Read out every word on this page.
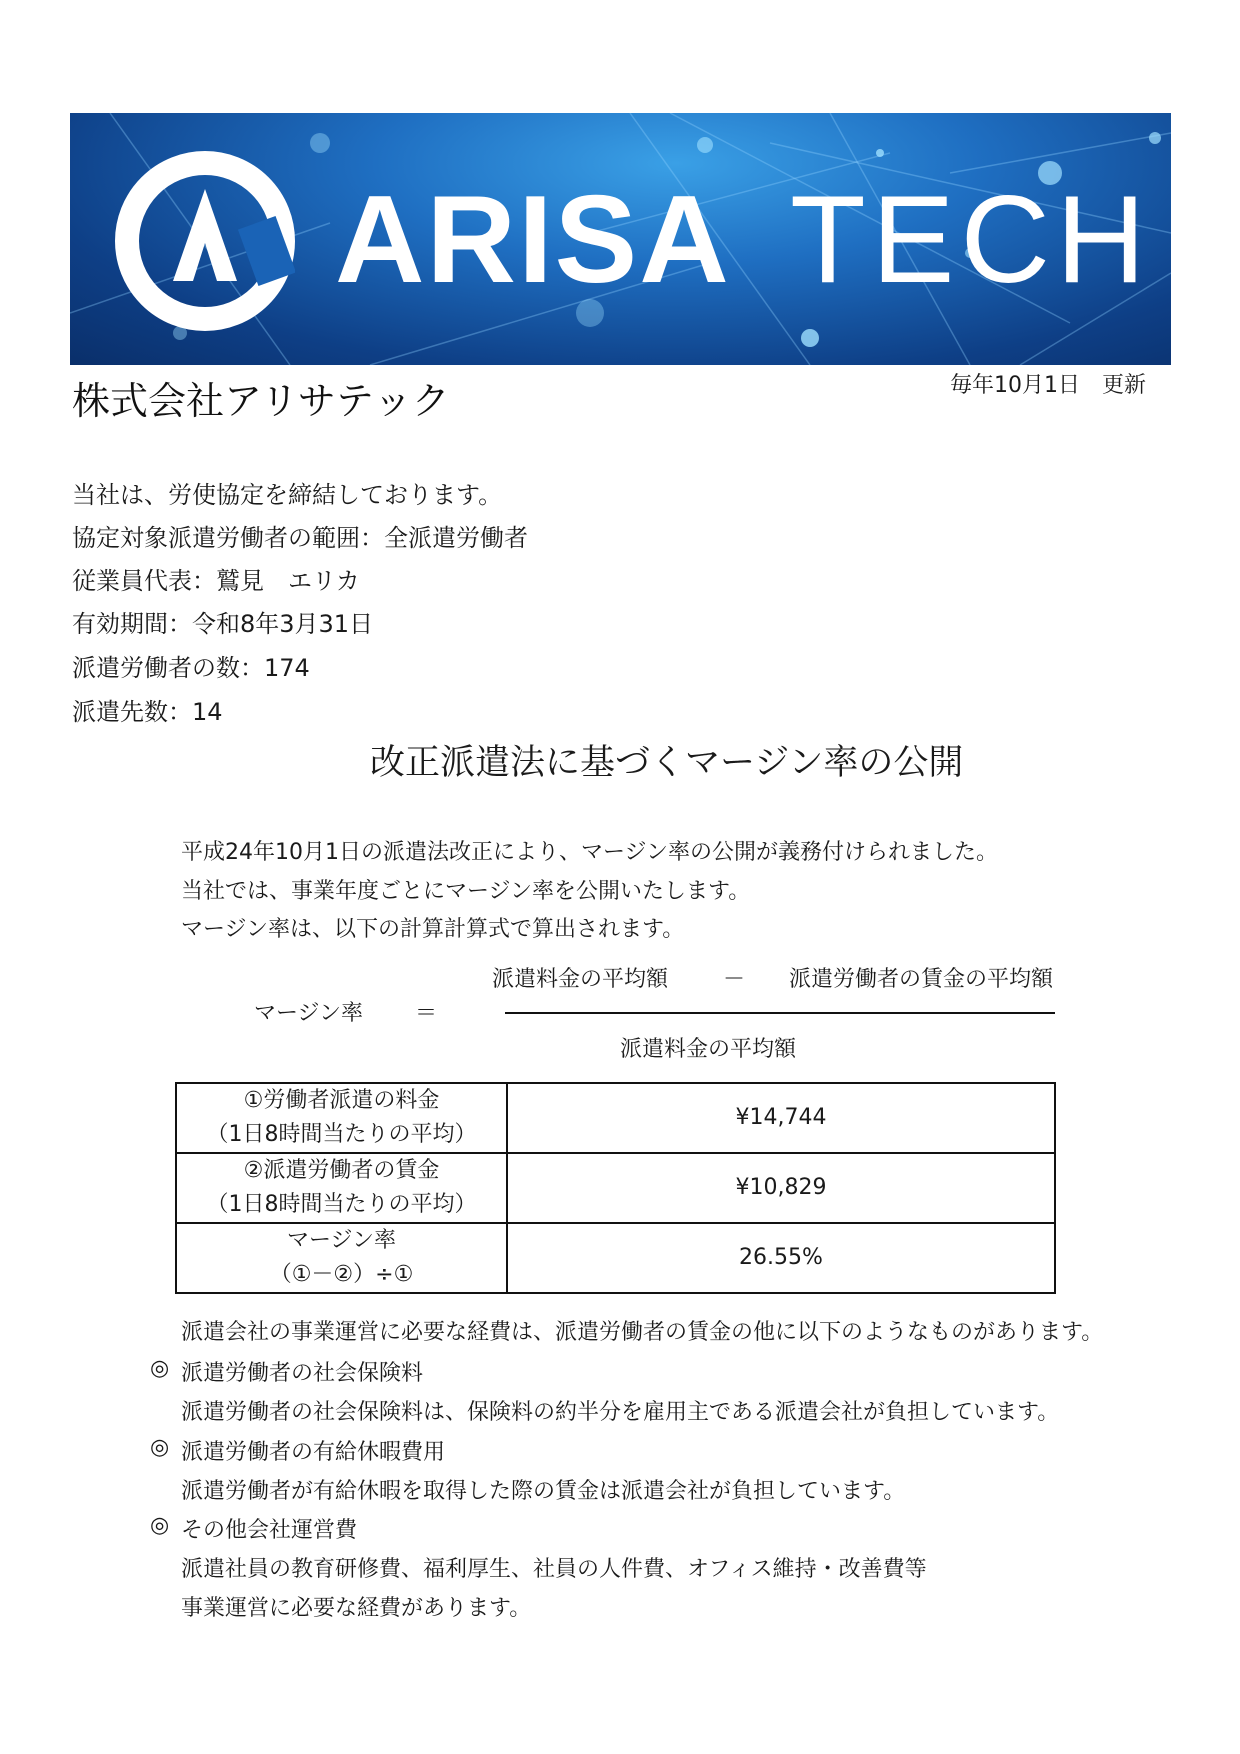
ARISA TECH
株式会社アリサテック	毎年10月1日　更新
当社は、労使協定を締結しております。
協定対象派遣労働者の範囲：全派遣労働者
従業員代表：鷲見　エリカ
有効期間：令和8年3月31日
派遣労働者の数：174
派遣先数：14
改正派遣法に基づくマージン率の公開
平成24年10月1日の派遣法改正により、マージン率の公開が義務付けられました。
当社では、事業年度ごとにマージン率を公開いたします。
マージン率は、以下の計算計算式で算出されます。
マージン率 ＝
派遣料金の平均額 － 派遣労働者の賃金の平均額
派遣料金の平均額
①労働者派遣の料金
（1日8時間当たりの平均）	¥14,744

②派遣労働者の賃金
（1日8時間当たりの平均）	¥10,829

マージン率
（①－②）÷①	26.55%
派遣会社の事業運営に必要な経費は、派遣労働者の賃金の他に以下のようなものがあります。
◎ 派遣労働者の社会保険料
派遣労働者の社会保険料は、保険料の約半分を雇用主である派遣会社が負担しています。
◎ 派遣労働者の有給休暇費用
派遣労働者が有給休暇を取得した際の賃金は派遣会社が負担しています。
◎ その他会社運営費
派遣社員の教育研修費、福利厚生、社員の人件費、オフィス維持・改善費等
事業運営に必要な経費があります。
